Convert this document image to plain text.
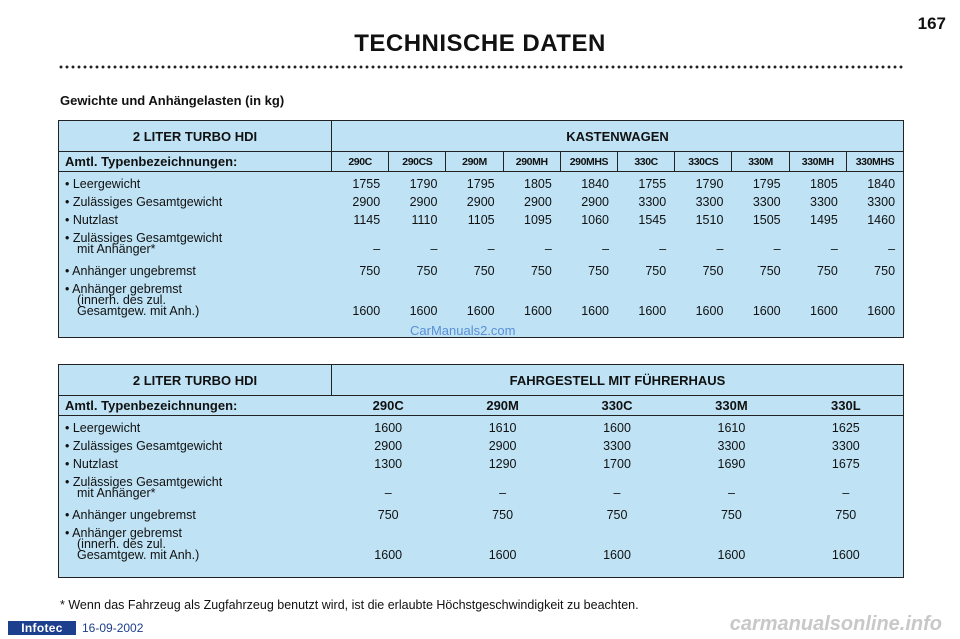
167
TECHNISCHE DATEN
Gewichte und Anhängelasten (in kg)
2 LITER TURBO HDI	KASTENWAGEN
Amtl. Typenbezeichnungen:	290C	290CS	290M	290MH	290MHS	330C	330CS	330M	330MH	330MHS
• Leergewicht	1755	1790	1795	1805	1840	1755	1790	1795	1805	1840
• Zulässiges Gesamtgewicht	2900	2900	2900	2900	2900	3300	3300	3300	3300	3300
• Nutzlast	1145	1110	1105	1095	1060	1545	1510	1505	1495	1460
• Zulässiges Gesamtgewicht
mit Anhänger*	–	–	–	–	–	–	–	–	–	–
• Anhänger ungebremst	750	750	750	750	750	750	750	750	750	750
• Anhänger gebremst
(innerh. des zul.
Gesamtgew. mit Anh.)	1600	1600	1600	1600	1600	1600	1600	1600	1600	1600
CarManuals2.com
2 LITER TURBO HDI	FAHRGESTELL MIT FÜHRERHAUS
Amtl. Typenbezeichnungen:	290C	290M	330C	330M	330L
• Leergewicht	1600	1610	1600	1610	1625
• Zulässiges Gesamtgewicht	2900	2900	3300	3300	3300
• Nutzlast	1300	1290	1700	1690	1675
• Zulässiges Gesamtgewicht
mit Anhänger*	–	–	–	–	–
• Anhänger ungebremst	750	750	750	750	750
• Anhänger gebremst
(innerh. des zul.
Gesamtgew. mit Anh.)	1600	1600	1600	1600	1600
* Wenn das Fahrzeug als Zugfahrzeug benutzt wird, ist die erlaubte Höchstgeschwindigkeit zu beachten.
Infotec	16-09-2002	carmanualsonline.info
